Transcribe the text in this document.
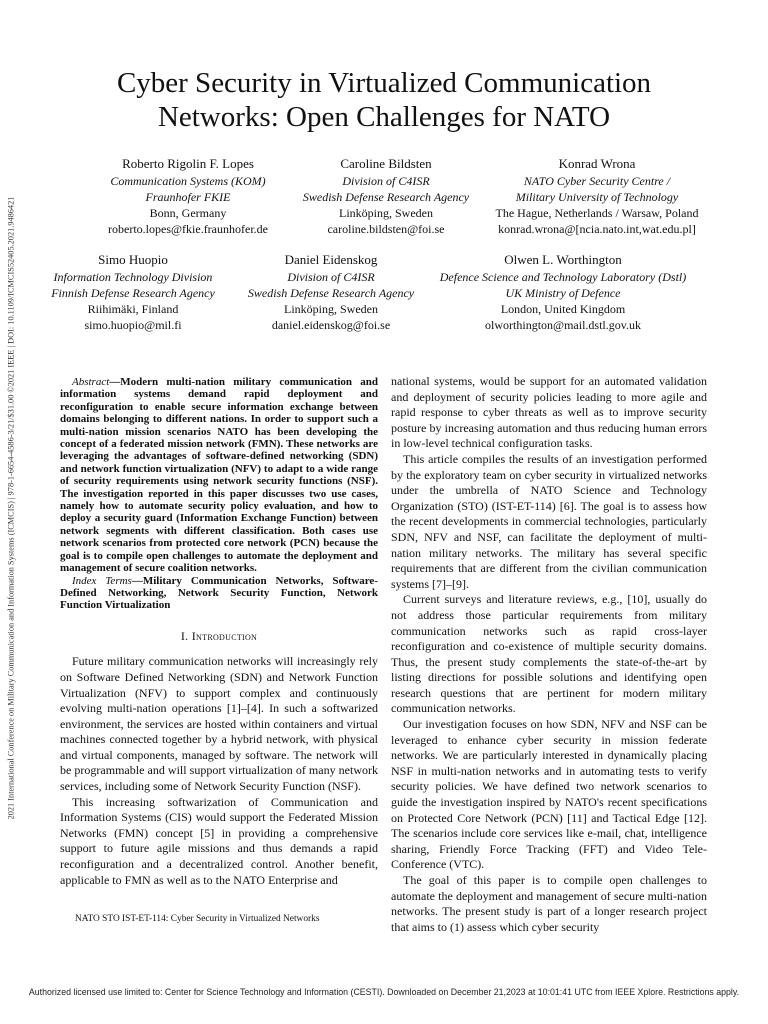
2021 International Conference on Military Communication and Information Systems (ICMCIS) | 978-1-6654-4586-3/21/$31.00 ©2021 IEEE | DOI: 10.1109/ICMCIS52405.2021.9486421
Cyber Security in Virtualized Communication Networks: Open Challenges for NATO
Roberto Rigolin F. Lopes
Communication Systems (KOM)
Fraunhofer FKIE
Bonn, Germany
roberto.lopes@fkie.fraunhofer.de
Caroline Bildsten
Division of C4ISR
Swedish Defense Research Agency
Linköping, Sweden
caroline.bildsten@foi.se
Konrad Wrona
NATO Cyber Security Centre /
Military University of Technology
The Hague, Netherlands / Warsaw, Poland
konrad.wrona@[ncia.nato.int,wat.edu.pl]
Simo Huopio
Information Technology Division
Finnish Defense Research Agency
Riihimäki, Finland
simo.huopio@mil.fi
Daniel Eidenskog
Division of C4ISR
Swedish Defense Research Agency
Linköping, Sweden
daniel.eidenskog@foi.se
Olwen L. Worthington
Defence Science and Technology Laboratory (Dstl)
UK Ministry of Defence
London, United Kingdom
olworthington@mail.dstl.gov.uk

Abstract—Modern multi-nation military communication and information systems demand rapid deployment and reconfiguration to enable secure information exchange between domains belonging to different nations. In order to support such a multi-nation mission scenarios NATO has been developing the concept of a federated mission network (FMN). These networks are leveraging the advantages of software-defined networking (SDN) and network function virtualization (NFV) to adapt to a wide range of security requirements using network security functions (NSF). The investigation reported in this paper discusses two use cases, namely how to automate security policy evaluation, and how to deploy a security guard (Information Exchange Function) between network segments with different classification. Both cases use network scenarios from protected core network (PCN) because the goal is to compile open challenges to automate the deployment and management of secure coalition networks.

Index Terms—Military Communication Networks, Software-Defined Networking, Network Security Function, Network Function Virtualization

I. Introduction

Future military communication networks will increasingly rely on Software Defined Networking (SDN) and Network Function Virtualization (NFV) to support complex and continuously evolving multi-nation operations [1]–[4]. In such a softwarized environment, the services are hosted within containers and virtual machines connected together by a hybrid network, with physical and virtual components, managed by software. The network will be programmable and will support virtualization of many network services, including some of Network Security Function (NSF).

This increasing softwarization of Communication and Information Systems (CIS) would support the Federated Mission Networks (FMN) concept [5] in providing a comprehensive support to future agile missions and thus demands a rapid reconfiguration and a decentralized control. Another benefit, applicable to FMN as well as to the NATO Enterprise and

national systems, would be support for an automated validation and deployment of security policies leading to more agile and rapid response to cyber threats as well as to improve security posture by increasing automation and thus reducing human errors in low-level technical configuration tasks.

This article compiles the results of an investigation performed by the exploratory team on cyber security in virtualized networks under the umbrella of NATO Science and Technology Organization (STO) (IST-ET-114) [6]. The goal is to assess how the recent developments in commercial technologies, particularly SDN, NFV and NSF, can facilitate the deployment of multi-nation military networks. The military has several specific requirements that are different from the civilian communication systems [7]–[9].

Current surveys and literature reviews, e.g., [10], usually do not address those particular requirements from military communication networks such as rapid cross-layer reconfiguration and co-existence of multiple security domains. Thus, the present study complements the state-of-the-art by listing directions for possible solutions and identifying open research questions that are pertinent for modern military communication networks.

Our investigation focuses on how SDN, NFV and NSF can be leveraged to enhance cyber security in mission federate networks. We are particularly interested in dynamically placing NSF in multi-nation networks and in automating tests to verify security policies. We have defined two network scenarios to guide the investigation inspired by NATO's recent specifications on Protected Core Network (PCN) [11] and Tactical Edge [12]. The scenarios include core services like e-mail, chat, intelligence sharing, Friendly Force Tracking (FFT) and Video Tele-Conference (VTC).

The goal of this paper is to compile open challenges to automate the deployment and management of secure multi-nation networks. The present study is part of a longer research project that aims to (1) assess which cyber security

NATO STO IST-ET-114: Cyber Security in Virtualized Networks
Authorized licensed use limited to: Center for Science Technology and Information (CESTI). Downloaded on December 21,2023 at 10:01:41 UTC from IEEE Xplore. Restrictions apply.
